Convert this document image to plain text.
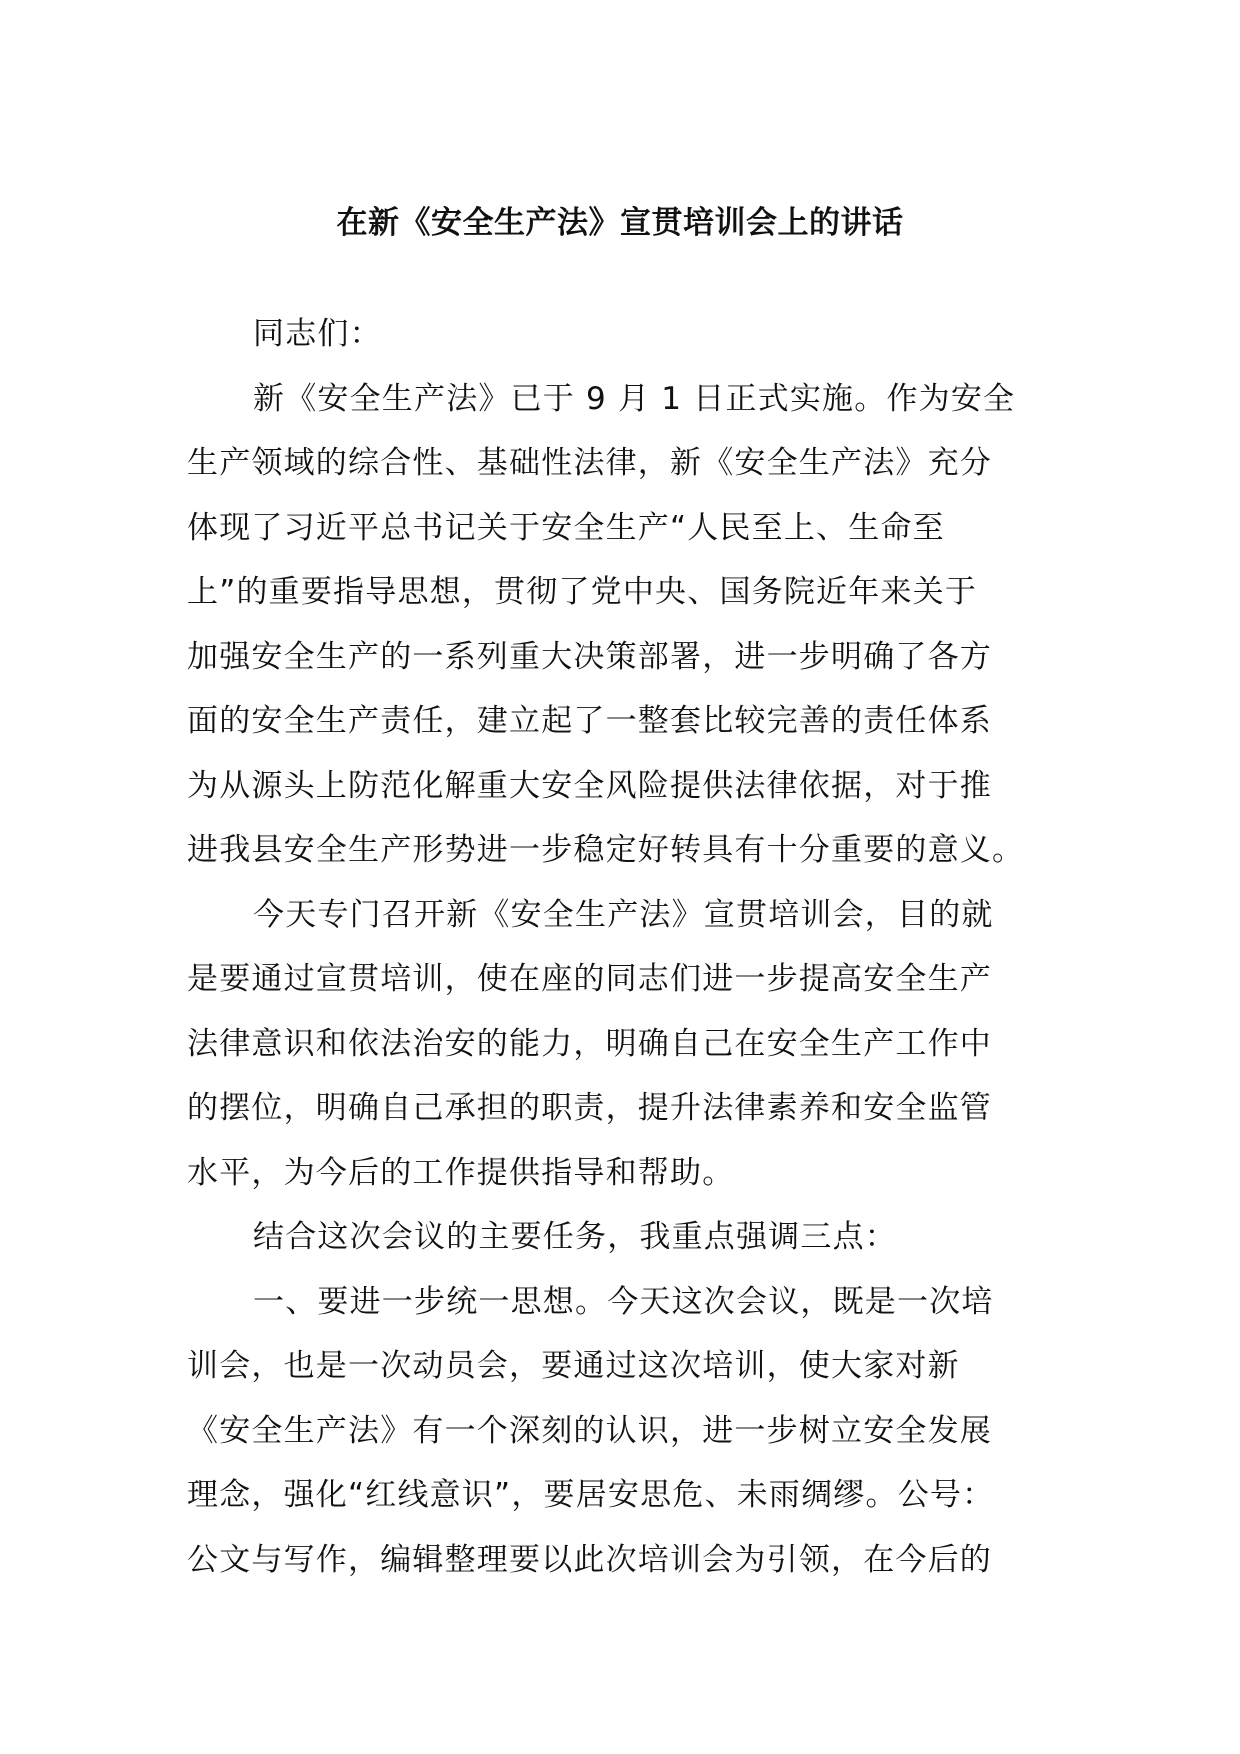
在新《安全生产法》宣贯培训会上的讲话
同志们：
新《安全生产法》已于 9 月 1 日正式实施。作为安全
生产领域的综合性、基础性法律，新《安全生产法》充分
体现了习近平总书记关于安全生产“人民至上、生命至
上”的重要指导思想，贯彻了党中央、国务院近年来关于
加强安全生产的一系列重大决策部署，进一步明确了各方
面的安全生产责任，建立起了一整套比较完善的责任体系
为从源头上防范化解重大安全风险提供法律依据，对于推
进我县安全生产形势进一步稳定好转具有十分重要的意义。
今天专门召开新《安全生产法》宣贯培训会，目的就
是要通过宣贯培训，使在座的同志们进一步提高安全生产
法律意识和依法治安的能力，明确自己在安全生产工作中
的摆位，明确自己承担的职责，提升法律素养和安全监管
水平，为今后的工作提供指导和帮助。
结合这次会议的主要任务，我重点强调三点：
一、要进一步统一思想。今天这次会议，既是一次培
训会，也是一次动员会，要通过这次培训，使大家对新
《安全生产法》有一个深刻的认识，进一步树立安全发展
理念，强化“红线意识”，要居安思危、未雨绸缪。公号：
公文与写作，编辑整理要以此次培训会为引领，在今后的
